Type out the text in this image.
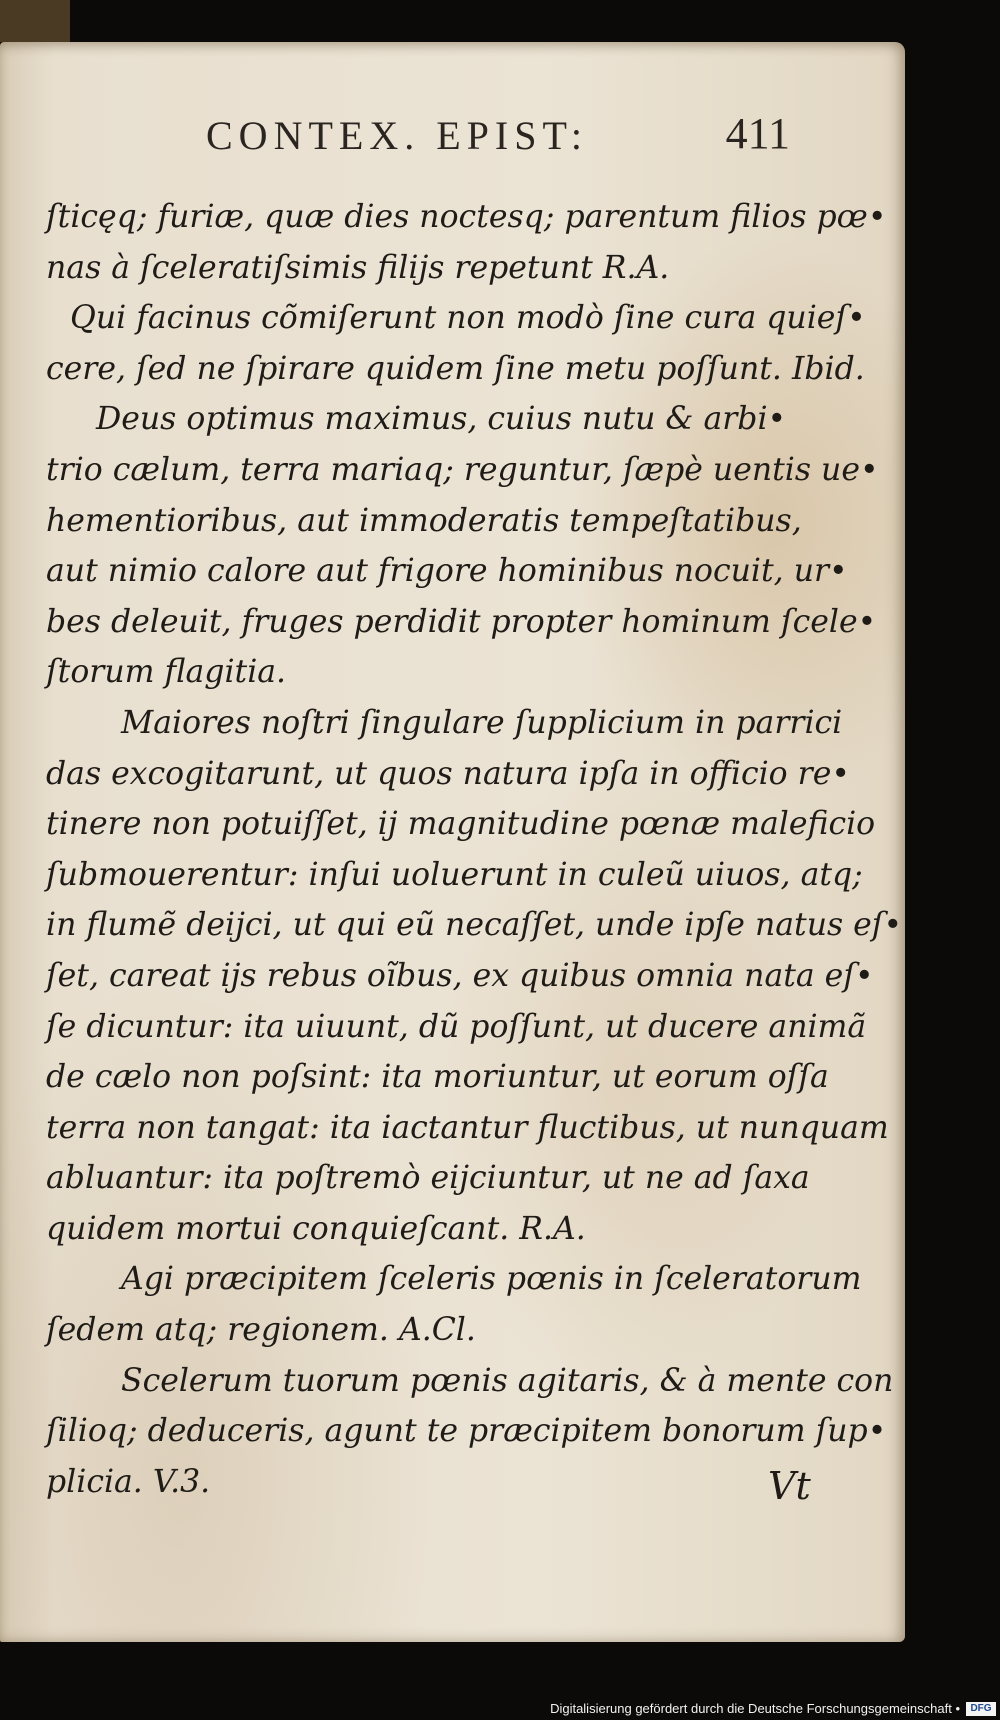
CONTEX. EPIST:	411
ſticęq; furiæ, quæ dies noctesq; parentum filios pœ•
nas à ſceleratiſsimis filijs repetunt R.A.
Qui facinus cõmiſerunt non modò ſine cura quieſ•
cere, ſed ne ſpirare quidem ſine metu poſſunt. Ibid.
Deus optimus maximus, cuius nutu & arbi•
trio cælum, terra mariaq; reguntur, ſæpè uentis ue•
hementioribus, aut immoderatis tempeſtatibus,
aut nimio calore aut frigore hominibus nocuit, ur•
bes deleuit, fruges perdidit propter hominum ſcele•
ſtorum flagitia.
Maiores noſtri ſingulare ſupplicium in parrici
das excogitarunt, ut quos natura ipſa in officio re•
tinere non potuiſſet, ij magnitudine pœnæ maleficio
ſubmouerentur: inſui uoluerunt in culeũ uiuos, atq;
in flumẽ deijci, ut qui eũ necaſſet, unde ipſe natus eſ•
ſet, careat ijs rebus oĩbus, ex quibus omnia nata eſ•
ſe dicuntur: ita uiuunt, dũ poſſunt, ut ducere animã
de cælo non poſsint: ita moriuntur, ut eorum oſſa
terra non tangat: ita iactantur fluctibus, ut nunquam
abluantur: ita poſtremò eijciuntur, ut ne ad ſaxa
quidem mortui conquieſcant. R.A.
Agi præcipitem ſceleris pœnis in ſceleratorum
ſedem atq; regionem. A.Cl.
Scelerum tuorum pœnis agitaris, & à mente con
ſilioq; deduceris, agunt te præcipitem bonorum ſup•
plicia. V.3.	Vt
Digitalisierung gefördert durch die Deutsche Forschungsgemeinschaft •	DFG
